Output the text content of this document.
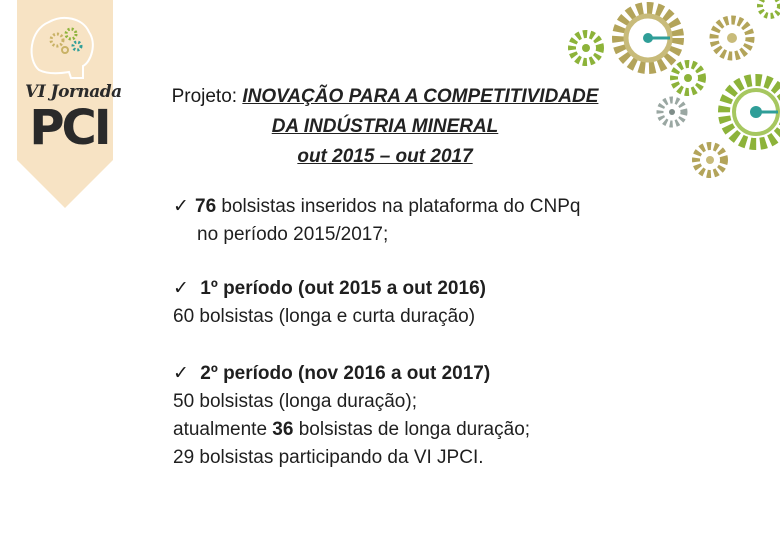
VI Jornada
PCI
Projeto: INOVAÇÃO PARA A COMPETITIVIDADE
DA INDÚSTRIA MINERAL
out 2015 – out 2017
✓ 76 bolsistas inseridos na plataforma do CNPq
no período 2015/2017;
✓ 1º período (out 2015 a out 2016)
60 bolsistas (longa e curta duração)
✓ 2º período (nov 2016 a out 2017)
50 bolsistas (longa duração);
atualmente 36 bolsistas de longa duração;
29 bolsistas participando da VI JPCI.
